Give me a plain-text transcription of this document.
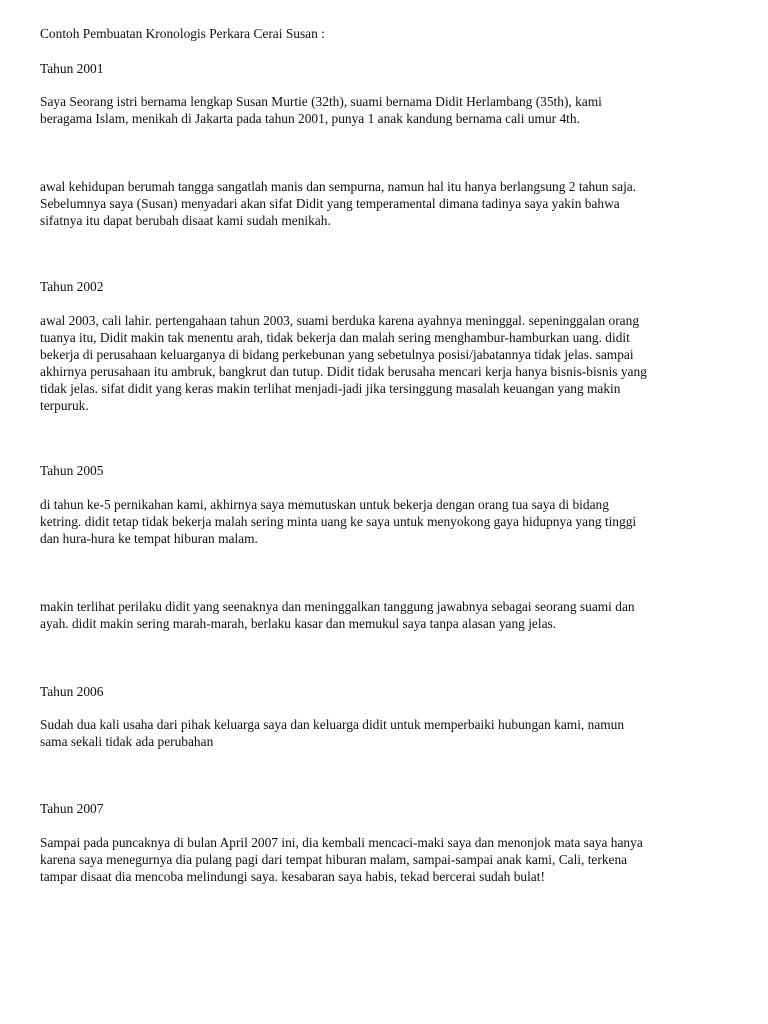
Contoh Pembuatan Kronologis Perkara Cerai Susan :

Tahun 2001

Saya Seorang istri bernama lengkap Susan Murtie (32th), suami bernama Didit Herlambang (35th), kami

beragama Islam, menikah di Jakarta pada tahun 2001, punya 1 anak kandung bernama cali umur 4th.

awal kehidupan berumah tangga sangatlah manis dan sempurna, namun hal itu hanya berlangsung 2 tahun saja.

Sebelumnya saya (Susan) menyadari akan sifat Didit yang temperamental dimana tadinya saya yakin bahwa

sifatnya itu dapat berubah disaat kami sudah menikah.

Tahun 2002

awal 2003, cali lahir. pertengahaan tahun 2003, suami berduka karena ayahnya meninggal. sepeninggalan orang

tuanya itu, Didit makin tak menentu arah, tidak bekerja dan malah sering menghambur-hamburkan uang. didit

bekerja di perusahaan keluarganya di bidang perkebunan yang sebetulnya posisi/jabatannya tidak jelas. sampai

akhirnya perusahaan itu ambruk, bangkrut dan tutup. Didit tidak berusaha mencari kerja hanya bisnis-bisnis yang

tidak jelas. sifat didit yang keras makin terlihat menjadi-jadi jika tersinggung masalah keuangan yang makin

terpuruk.

Tahun 2005

di tahun ke-5 pernikahan kami, akhirnya saya memutuskan untuk bekerja dengan orang tua saya di bidang

ketring. didit tetap tidak bekerja malah sering minta uang ke saya untuk menyokong gaya hidupnya yang tinggi

dan hura-hura ke tempat hiburan malam.

makin terlihat perilaku didit yang seenaknya dan meninggalkan tanggung jawabnya sebagai seorang suami dan

ayah. didit makin sering marah-marah, berlaku kasar dan memukul saya tanpa alasan yang jelas.

Tahun 2006

Sudah dua kali usaha dari pihak keluarga saya dan keluarga didit untuk memperbaiki hubungan kami, namun

sama sekali tidak ada perubahan

Tahun 2007

Sampai pada puncaknya di bulan April 2007 ini, dia kembali mencaci-maki saya dan menonjok mata saya hanya

karena saya menegurnya dia pulang pagi dari tempat hiburan malam, sampai-sampai anak kami, Cali, terkena

tampar disaat dia mencoba melindungi saya. kesabaran saya habis, tekad bercerai sudah bulat!
